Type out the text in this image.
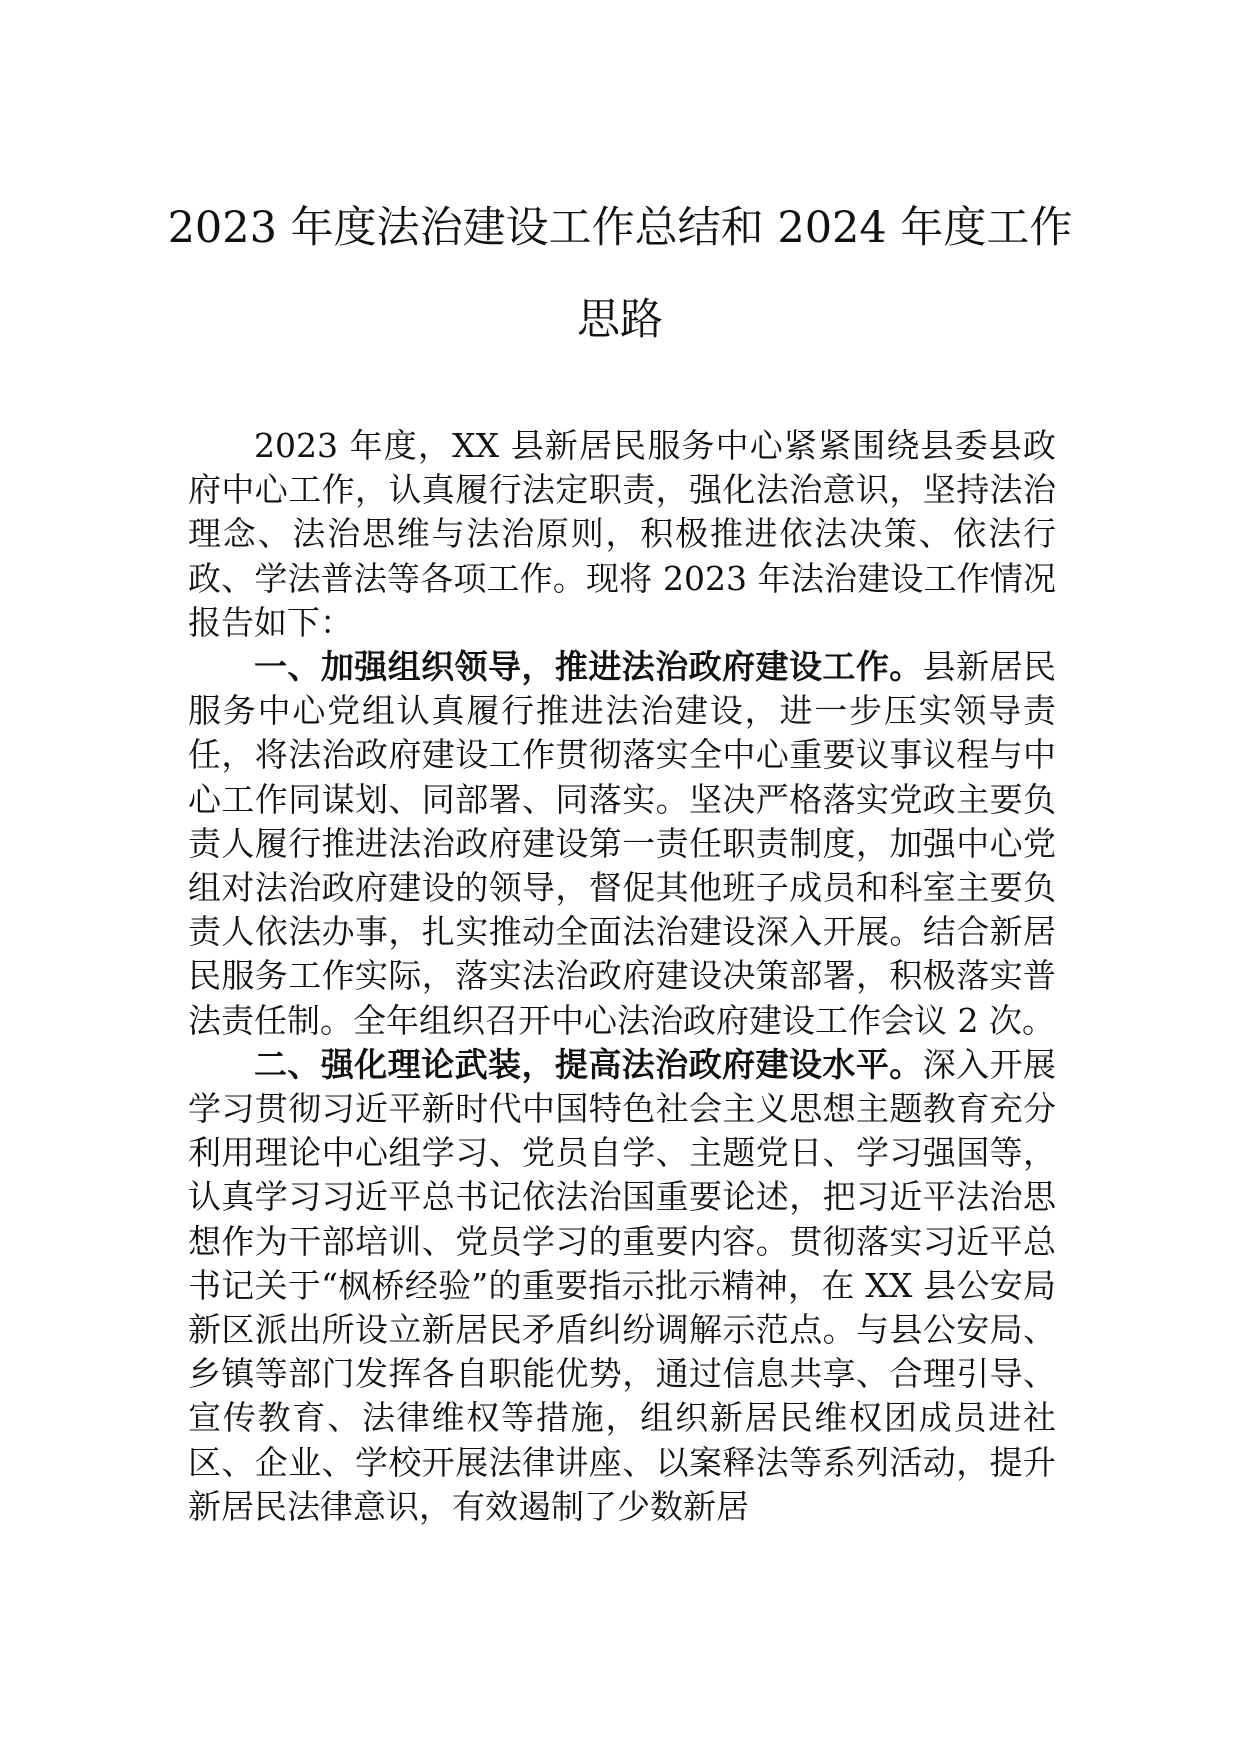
2023 年度法治建设工作总结和 2024 年度工作思路

2023 年度，XX 县新居民服务中心紧紧围绕县委县政府中心工作，认真履行法定职责，强化法治意识，坚持法治理念、法治思维与法治原则，积极推进依法决策、依法行政、学法普法等各项工作。现将 2023 年法治建设工作情况报告如下：

一、加强组织领导，推进法治政府建设工作。县新居民服务中心党组认真履行推进法治建设，进一步压实领导责任，将法治政府建设工作贯彻落实全中心重要议事议程与中心工作同谋划、同部署、同落实。坚决严格落实党政主要负责人履行推进法治政府建设第一责任职责制度，加强中心党组对法治政府建设的领导，督促其他班子成员和科室主要负责人依法办事，扎实推动全面法治建设深入开展。结合新居民服务工作实际，落实法治政府建设决策部署，积极落实普法责任制。全年组织召开中心法治政府建设工作会议 2 次。

二、强化理论武装，提高法治政府建设水平。深入开展学习贯彻习近平新时代中国特色社会主义思想主题教育充分利用理论中心组学习、党员自学、主题党日、学习强国等，认真学习习近平总书记依法治国重要论述，把习近平法治思想作为干部培训、党员学习的重要内容。贯彻落实习近平总书记关于“枫桥经验”的重要指示批示精神，在 XX 县公安局新区派出所设立新居民矛盾纠纷调解示范点。与县公安局、乡镇等部门发挥各自职能优势，通过信息共享、合理引导、宣传教育、法律维权等措施，组织新居民维权团成员进社区、企业、学校开展法律讲座、以案释法等系列活动，提升新居民法律意识，有效遏制了少数新居
